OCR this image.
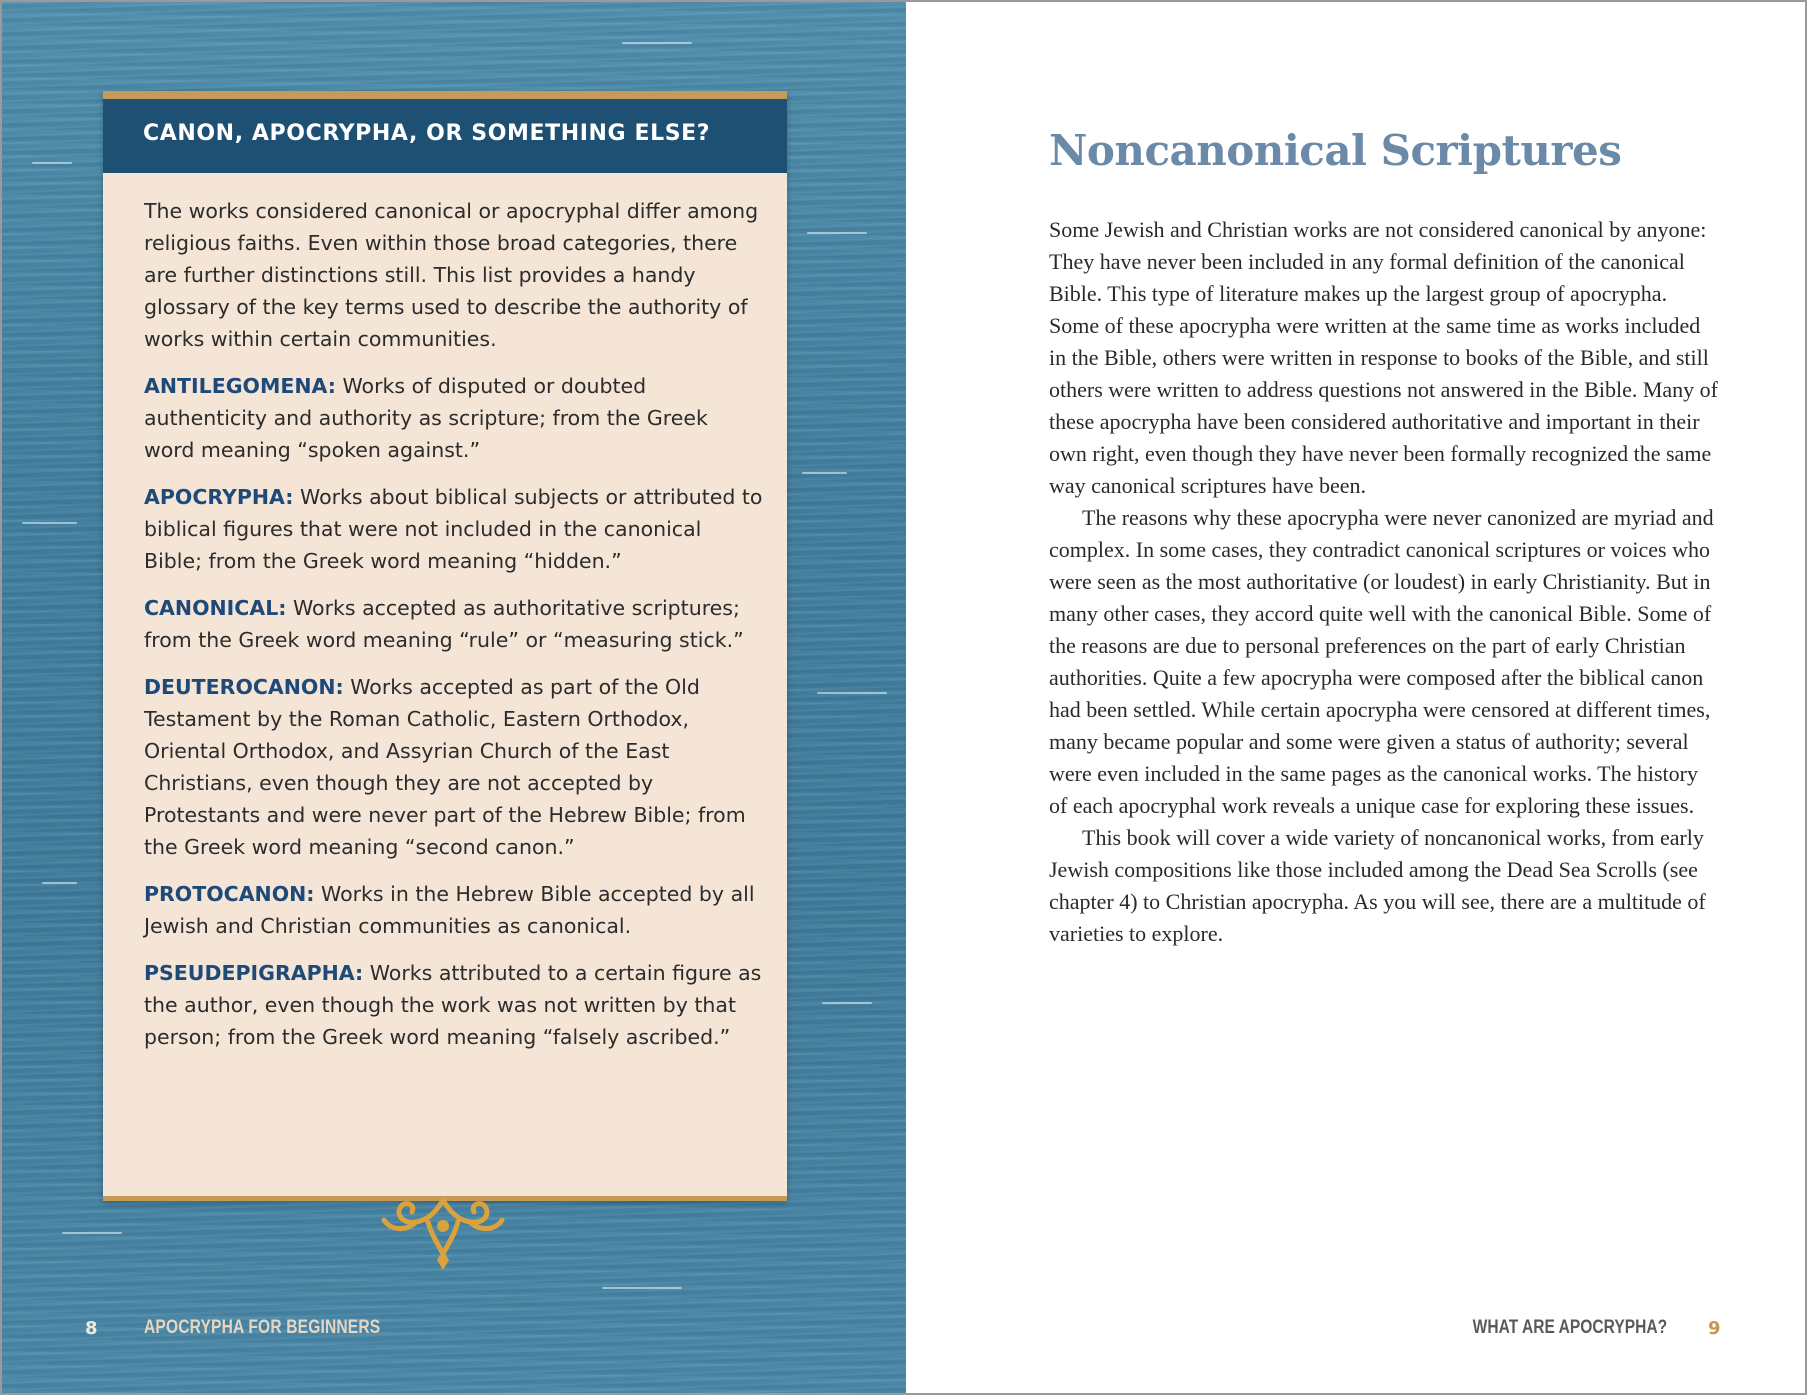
CANON, APOCRYPHA, OR SOMETHING ELSE?

The works considered canonical or apocryphal differ among religious faiths. Even within those broad categories, there are further distinctions still. This list provides a handy glossary of the key terms used to describe the authority of works within certain communities.

ANTILEGOMENA: Works of disputed or doubted authenticity and authority as scripture; from the Greek word meaning “spoken against.”

APOCRYPHA: Works about biblical subjects or attributed to biblical figures that were not included in the canonical Bible; from the Greek word meaning “hidden.”

CANONICAL: Works accepted as authoritative scriptures; from the Greek word meaning “rule” or “measuring stick.”

DEUTEROCANON: Works accepted as part of the Old Testament by the Roman Catholic, Eastern Orthodox, Oriental Orthodox, and Assyrian Church of the East Christians, even though they are not accepted by Protestants and were never part of the Hebrew Bible; from the Greek word meaning “second canon.”

PROTOCANON: Works in the Hebrew Bible accepted by all Jewish and Christian communities as canonical.

PSEUDEPIGRAPHA: Works attributed to a certain figure as the author, even though the work was not written by that person; from the Greek word meaning “falsely ascribed.”

8 APOCRYPHA FOR BEGINNERS
Noncanonical Scriptures

Some Jewish and Christian works are not considered canonical by anyone: They have never been included in any formal definition of the canonical Bible. This type of literature makes up the largest group of apocrypha. Some of these apocrypha were written at the same time as works included in the Bible, others were written in response to books of the Bible, and still others were written to address questions not answered in the Bible. Many of these apocrypha have been considered authoritative and important in their own right, even though they have never been formally recognized the same way canonical scriptures have been.

The reasons why these apocrypha were never canonized are myriad and complex. In some cases, they contradict canonical scriptures or voices who were seen as the most authoritative (or loudest) in early Christianity. But in many other cases, they accord quite well with the canonical Bible. Some of the reasons are due to personal preferences on the part of early Christian authorities. Quite a few apocrypha were composed after the biblical canon had been settled. While certain apocrypha were censored at different times, many became popular and some were given a status of authority; several were even included in the same pages as the canonical works. The history of each apocryphal work reveals a unique case for exploring these issues.

This book will cover a wide variety of noncanonical works, from early Jewish compositions like those included among the Dead Sea Scrolls (see chapter 4) to Christian apocrypha. As you will see, there are a multitude of varieties to explore.

WHAT ARE APOCRYPHA? 9
